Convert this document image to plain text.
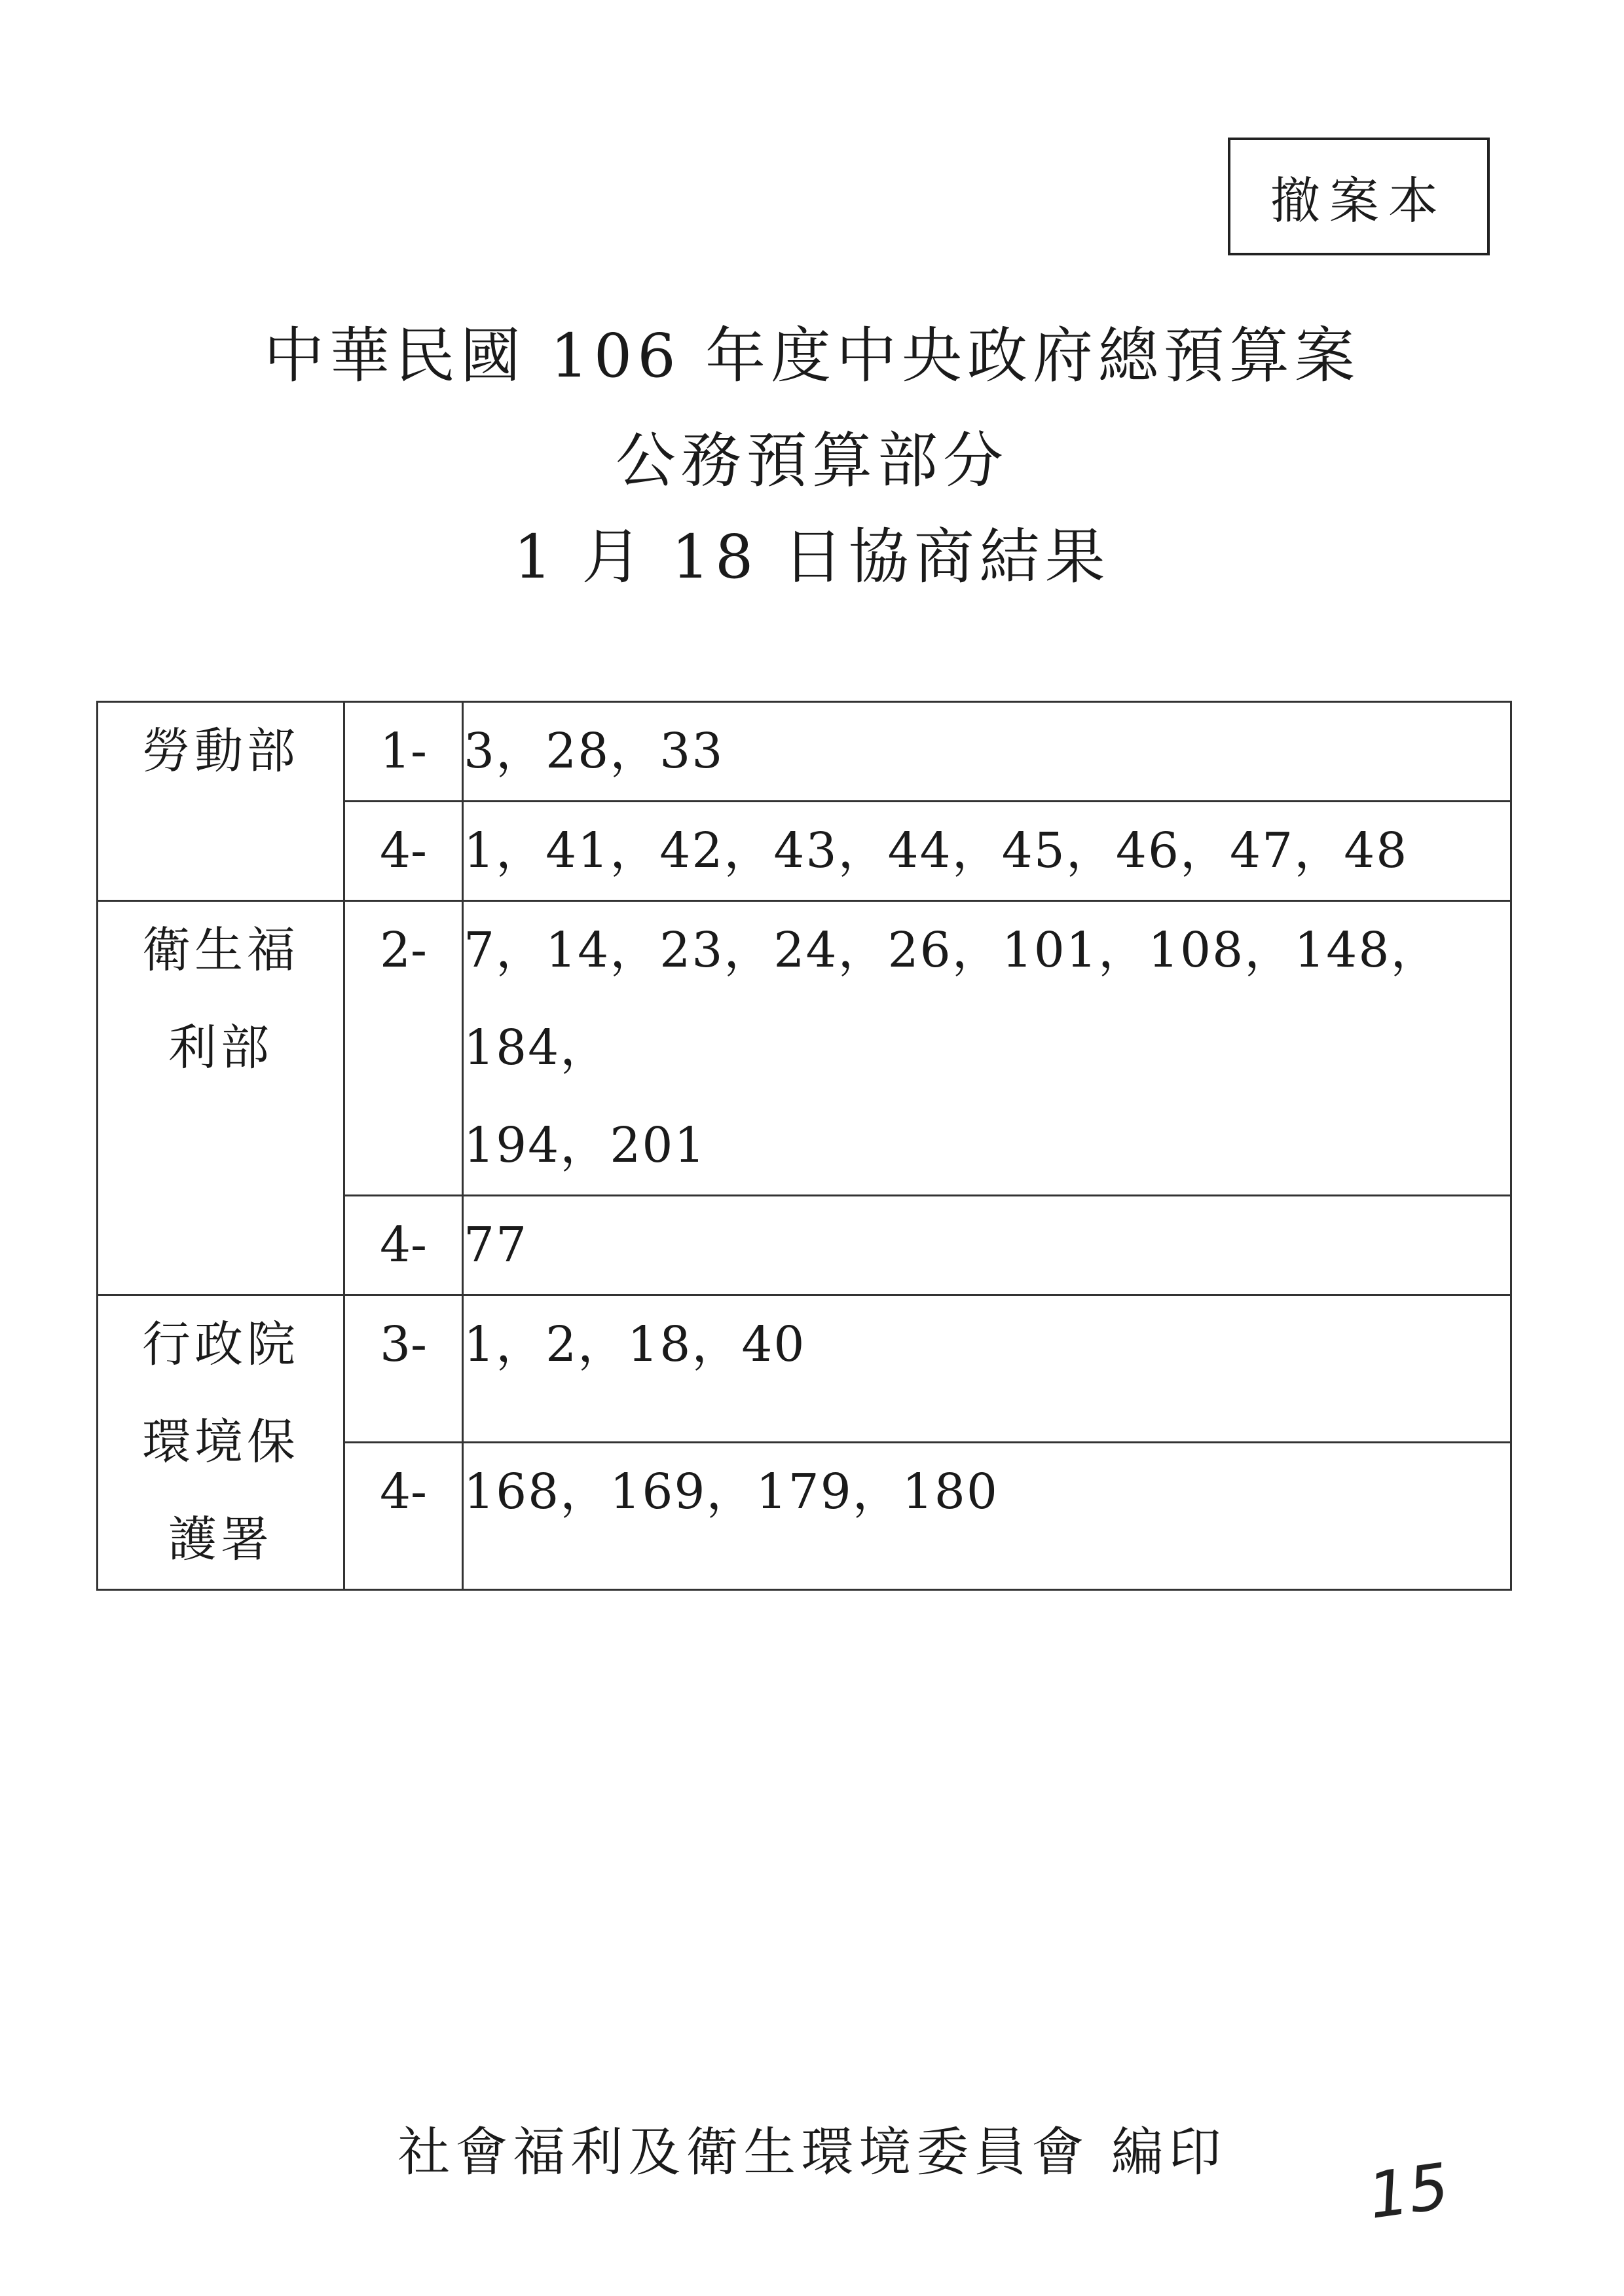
撤案本
中華民國 106 年度中央政府總預算案
公務預算部分
1 月 18 日協商結果
勞動部	1-	3，28，33

	4-	1，41，42，43，44，45，46，47，48

衛生福
利部	2-	7，14，23，24，26，101，108，148，184，
194，201

	4-	77

行政院
環境保
護署	3-	1，2，18，40

	4-	168，169，179，180
社會福利及衛生環境委員會 編印	15
